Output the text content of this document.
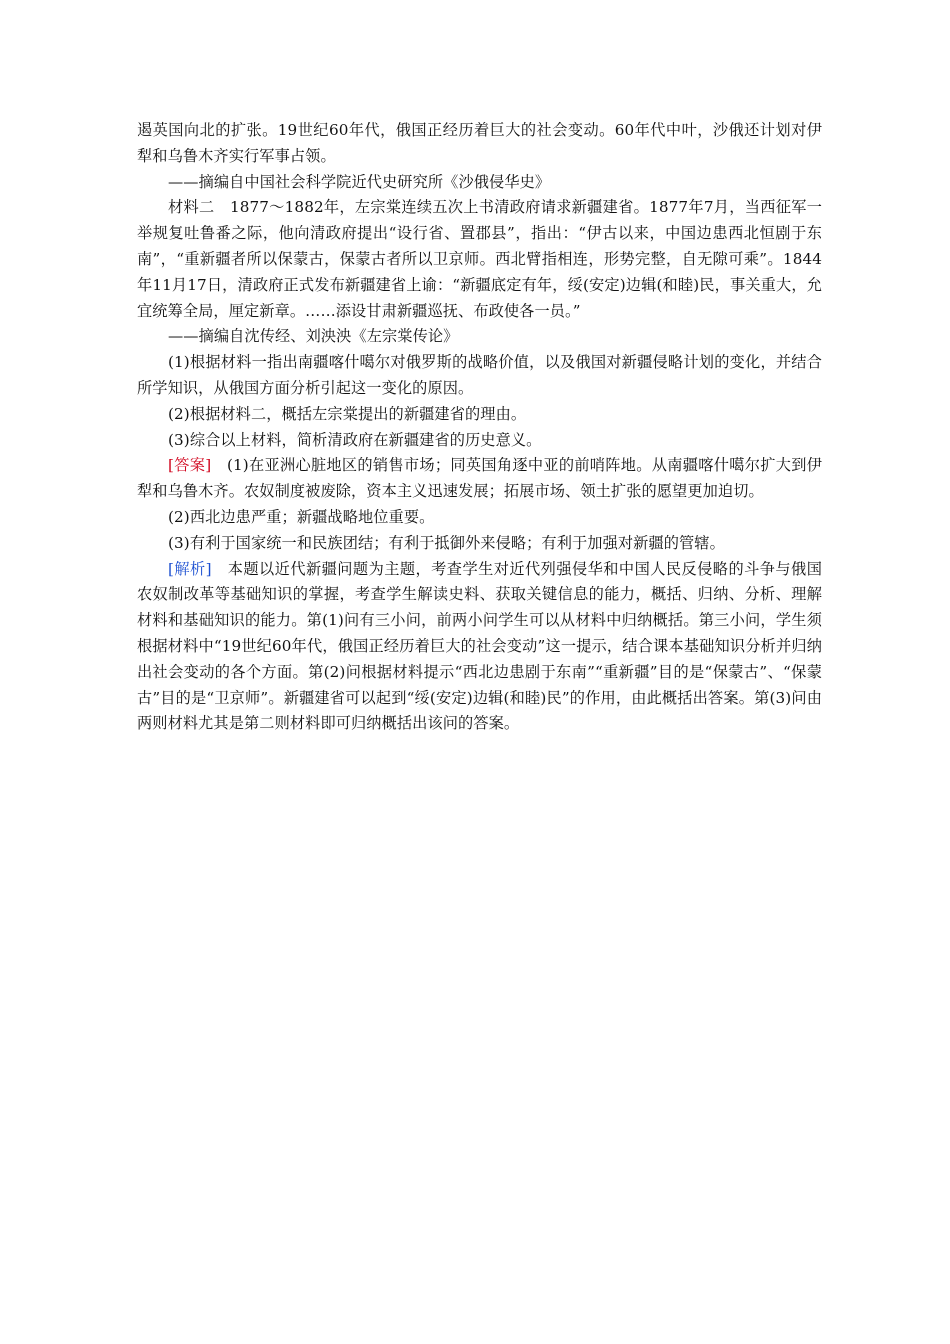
遏英国向北的扩张。19世纪60年代，俄国正经历着巨大的社会变动。60年代中叶，沙俄还计划对伊犁和乌鲁木齐实行军事占领。

——摘编自中国社会科学院近代史研究所《沙俄侵华史》

材料二　1877～1882年，左宗棠连续五次上书清政府请求新疆建省。1877年7月，当西征军一举规复吐鲁番之际，他向清政府提出“设行省、置郡县”，指出：“伊古以来，中国边患西北恒剧于东南”，“重新疆者所以保蒙古，保蒙古者所以卫京师。西北臂指相连，形势完整，自无隙可乘”。1844年11月17日，清政府正式发布新疆建省上谕：“新疆底定有年，绥(安定)边辑(和睦)民，事关重大，允宜统筹全局，厘定新章。……添设甘肃新疆巡抚、布政使各一员。”

——摘编自沈传经、刘泱泱《左宗棠传论》

(1)根据材料一指出南疆喀什噶尔对俄罗斯的战略价值，以及俄国对新疆侵略计划的变化，并结合所学知识，从俄国方面分析引起这一变化的原因。

(2)根据材料二，概括左宗棠提出的新疆建省的理由。

(3)综合以上材料，简析清政府在新疆建省的历史意义。

[答案]　 (1)在亚洲心脏地区的销售市场；同英国角逐中亚的前哨阵地。从南疆喀什噶尔扩大到伊犁和乌鲁木齐。农奴制度被废除，资本主义迅速发展；拓展市场、领土扩张的愿望更加迫切。

(2)西北边患严重；新疆战略地位重要。

(3)有利于国家统一和民族团结；有利于抵御外来侵略；有利于加强对新疆的管辖。

[解析]　 本题以近代新疆问题为主题，考查学生对近代列强侵华和中国人民反侵略的斗争与俄国农奴制改革等基础知识的掌握，考查学生解读史料、获取关键信息的能力，概括、归纳、分析、理解材料和基础知识的能力。第(1)问有三小问，前两小问学生可以从材料中归纳概括。第三小问，学生须根据材料中“19世纪60年代，俄国正经历着巨大的社会变动”这一提示，结合课本基础知识分析并归纳出社会变动的各个方面。第(2)问根据材料提示“西北边患剧于东南”“重新疆”目的是“保蒙古”、“保蒙古”目的是“卫京师”。新疆建省可以起到“绥(安定)边辑(和睦)民”的作用，由此概括出答案。第(3)问由两则材料尤其是第二则材料即可归纳概括出该问的答案。
